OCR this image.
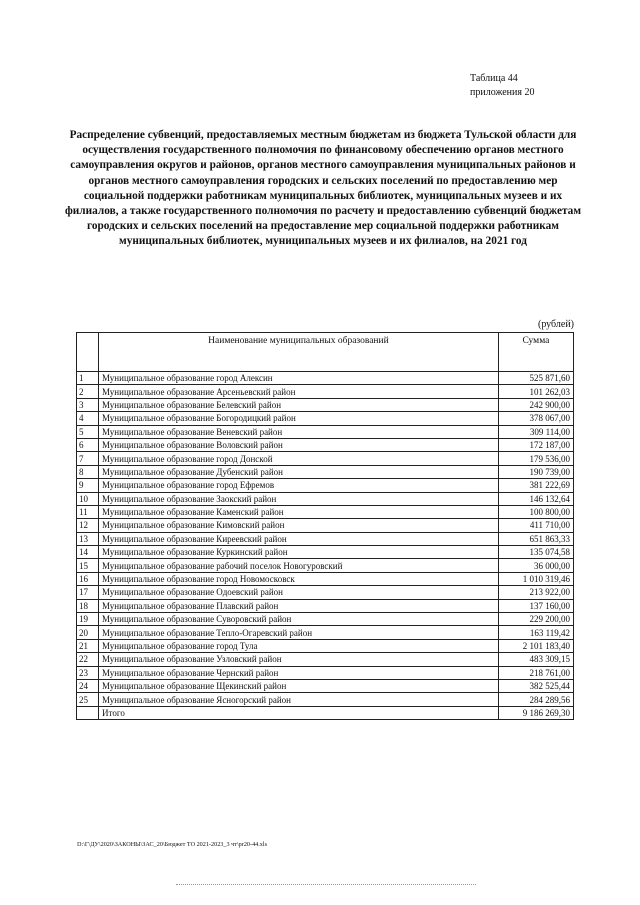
Таблица 44
приложения 20
Распределение субвенций, предоставляемых местным бюджетам из бюджета Тульской области для осуществления государственного полномочия по финансовому обеспечению органов местного самоуправления округов и районов, органов местного самоуправления муниципальных районов и органов местного самоуправления городских и сельских поселений по предоставлению мер социальной поддержки работникам муниципальных библиотек, муниципальных музеев и их филиалов, а также государственного полномочия по расчету и предоставлению субвенций бюджетам городских и сельских поселений на предоставление мер социальной поддержки работникам муниципальных библиотек, муниципальных музеев и их филиалов, на 2021 год
(рублей)
	Наименование муниципальных образований	Сумма
1	Муниципальное образование город Алексин	525 871,60
2	Муниципальное образование Арсеньевский район	101 262,03
3	Муниципальное образование Белевский район	242 900,00
4	Муниципальное образование Богородицкий район	378 067,00
5	Муниципальное образование Веневский район	309 114,00
6	Муниципальное образование Воловский район	172 187,00
7	Муниципальное образование город Донской	179 536,00
8	Муниципальное образование Дубенский район	190 739,00
9	Муниципальное образование город Ефремов	381 222,69
10	Муниципальное образование Заокский район	146 132,64
11	Муниципальное образование Каменский район	100 800,00
12	Муниципальное образование Кимовский район	411 710,00
13	Муниципальное образование Киреевский район	651 863,33
14	Муниципальное образование Куркинский район	135 074,58
15	Муниципальное образование рабочий поселок Новогуровский	36 000,00
16	Муниципальное образование город Новомосковск	1 010 319,46
17	Муниципальное образование Одоевский район	213 922,00
18	Муниципальное образование Плавский район	137 160,00
19	Муниципальное образование Суворовский район	229 200,00
20	Муниципальное образование Тепло-Огаревский район	163 119,42
21	Муниципальное образование город Тула	2 101 183,40
22	Муниципальное образование Узловский район	483 309,15
23	Муниципальное образование Чернский район	218 761,00
24	Муниципальное образование Щекинский район	382 525,44
25	Муниципальное образование Ясногорский район	284 289,56
	Итого	9 186 269,30
D:\Г\ДУ\2020\ЗАКОНЫ\ЗАС_20\Бюджет ТО 2021-2023_3 чт\pr20-44.xls
